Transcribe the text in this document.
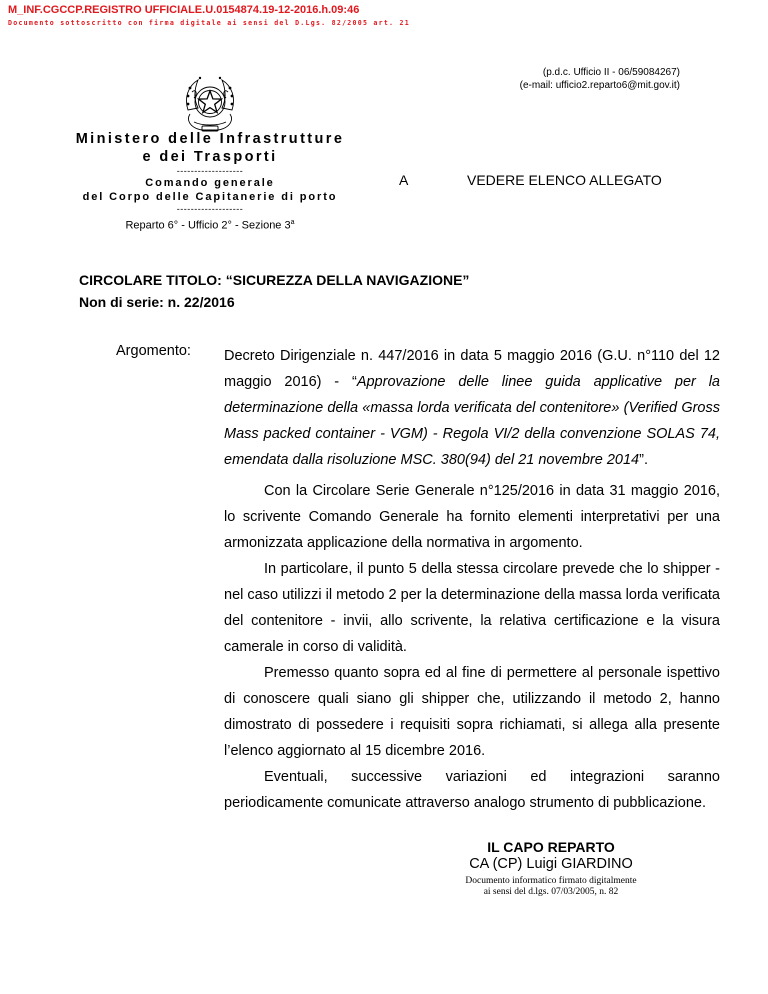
M_INF.CGCCP.REGISTRO UFFICIALE.U.0154874.19-12-2016.h.09:46
Documento sottoscritto con firma digitale ai sensi del D.Lgs. 82/2005 art. 21
(p.d.c. Ufficio II - 06/59084267)
(e-mail: ufficio2.reparto6@mit.gov.it)
Ministero delle Infrastrutture
e dei Trasporti
-------------------
Comando generale
del Corpo delle Capitanerie di porto
-------------------
Reparto 6° - Ufficio 2° - Sezione 3$^a$
A	VEDERE ELENCO ALLEGATO
CIRCOLARE TITOLO: “SICUREZZA DELLA NAVIGAZIONE”
Non di serie: n. 22/2016
Argomento: Decreto Dirigenziale n. 447/2016 in data 5 maggio 2016 (G.U. n°110 del 12 maggio 2016) - “Approvazione delle linee guida applicative per la determinazione della «massa lorda verificata del contenitore» (Verified Gross Mass packed container - VGM) - Regola VI/2 della convenzione SOLAS 74, emendata dalla risoluzione MSC. 380(94) del 21 novembre 2014”.

Con la Circolare Serie Generale n°125/2016 in data 31 maggio 2016, lo scrivente Comando Generale ha fornito elementi interpretativi per una armonizzata applicazione della normativa in argomento.

In particolare, il punto 5 della stessa circolare prevede che lo shipper - nel caso utilizzi il metodo 2 per la determinazione della massa lorda verificata del contenitore - invii, allo scrivente, la relativa certificazione e la visura camerale in corso di validità.

Premesso quanto sopra ed al fine di permettere al personale ispettivo di conoscere quali siano gli shipper che, utilizzando il metodo 2, hanno dimostrato di possedere i requisiti sopra richiamati, si allega alla presente l’elenco aggiornato al 15 dicembre 2016.

Eventuali, successive variazioni ed integrazioni saranno periodicamente comunicate attraverso analogo strumento di pubblicazione.

IL CAPO REPARTO
CA (CP) Luigi GIARDINO
Documento informatico firmato digitalmente
ai sensi del d.lgs. 07/03/2005, n. 82
